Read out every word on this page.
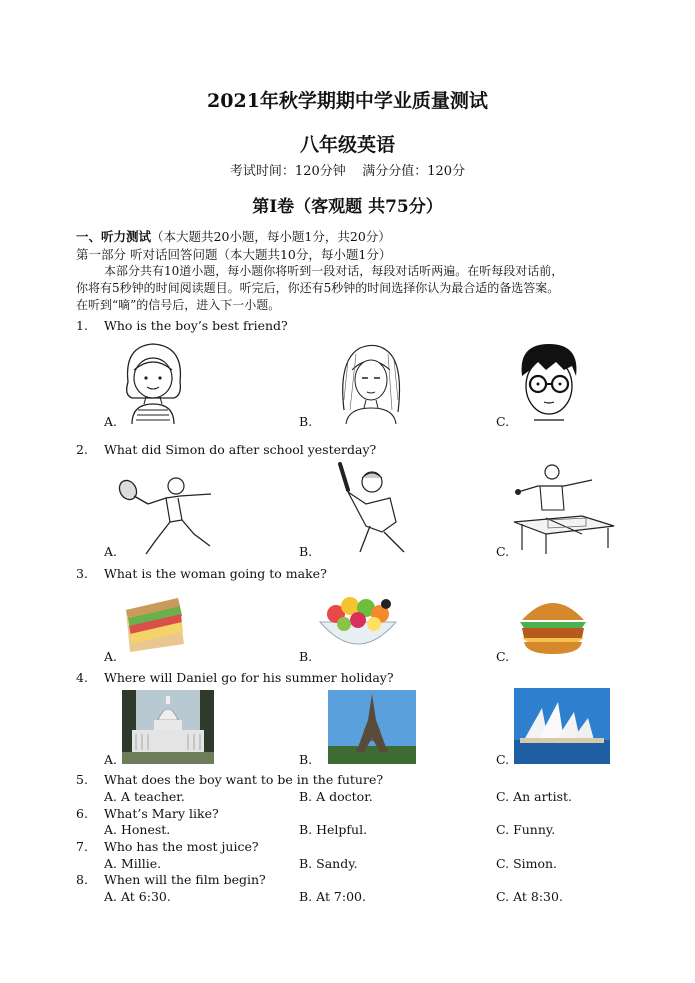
2021年秋学期期中学业质量测试
八年级英语
考试时间：120分钟    满分分值：120分
第Ⅰ卷（客观题 共75分）
一、听力测试（本大题共20小题，每小题1分，共20分）
第一部分 听对话回答问题（本大题共10分，每小题1分）
本部分共有10道小题，每小题你将听到一段对话，每段对话听两遍。在听每段对话前，
你将有5秒钟的时间阅读题目。听完后，你还有5秒钟的时间选择你认为最合适的备选答案。
在听到“嘀”的信号后，进入下一小题。
1. Who is the boy’s best friend?
A.	B.	C.
2. What did Simon do after school yesterday?
A.	B.	C.
3. What is the woman going to make?
A.	B.	C.
4. Where will Daniel go for his summer holiday?
A.	B.	C.
5. What does the boy want to be in the future?
A. A teacher.	B. A doctor.	C. An artist.
6. What’s Mary like?
A. Honest.	B. Helpful.	C. Funny.
7. Who has the most juice?
A. Millie.	B. Sandy.	C. Simon.
8. When will the film begin?
A. At 6:30.	B. At 7:00.	C. At 8:30.
